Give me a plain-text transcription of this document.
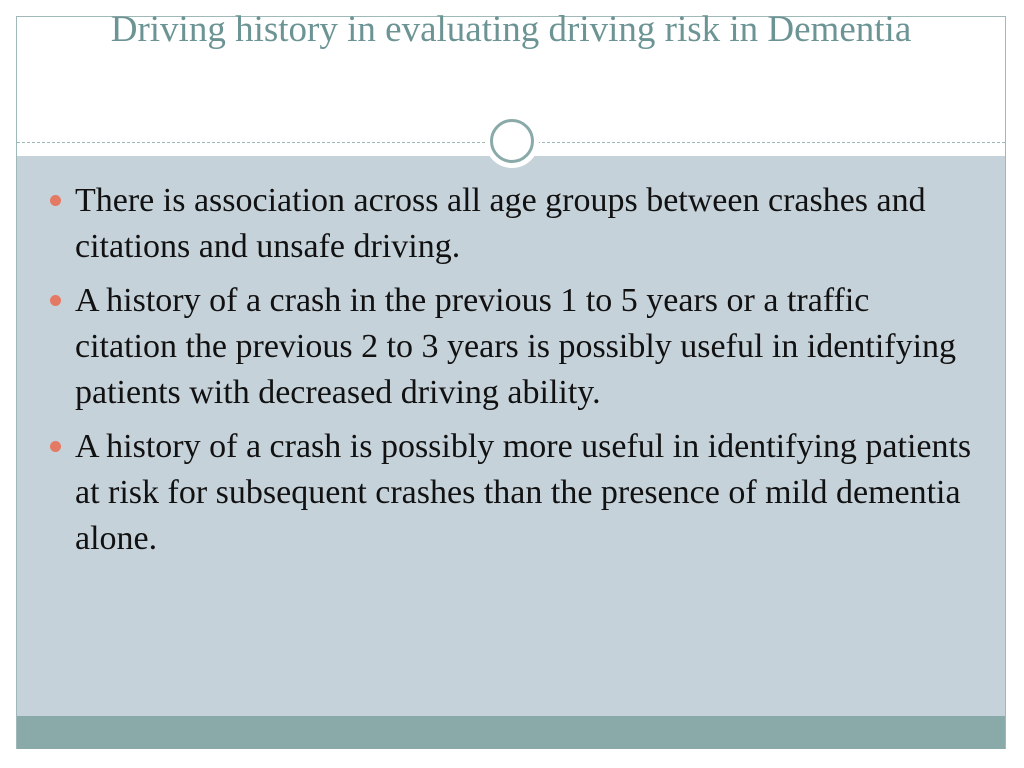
Driving history in evaluating driving risk in Dementia
There is association across all age groups between crashes and citations and unsafe driving.
A history of a crash in the previous 1 to 5 years or a traffic citation the previous 2 to 3 years is possibly useful in identifying patients with decreased driving ability.
A history of a crash is possibly more useful in identifying patients at risk for subsequent crashes than the presence of mild dementia alone.
